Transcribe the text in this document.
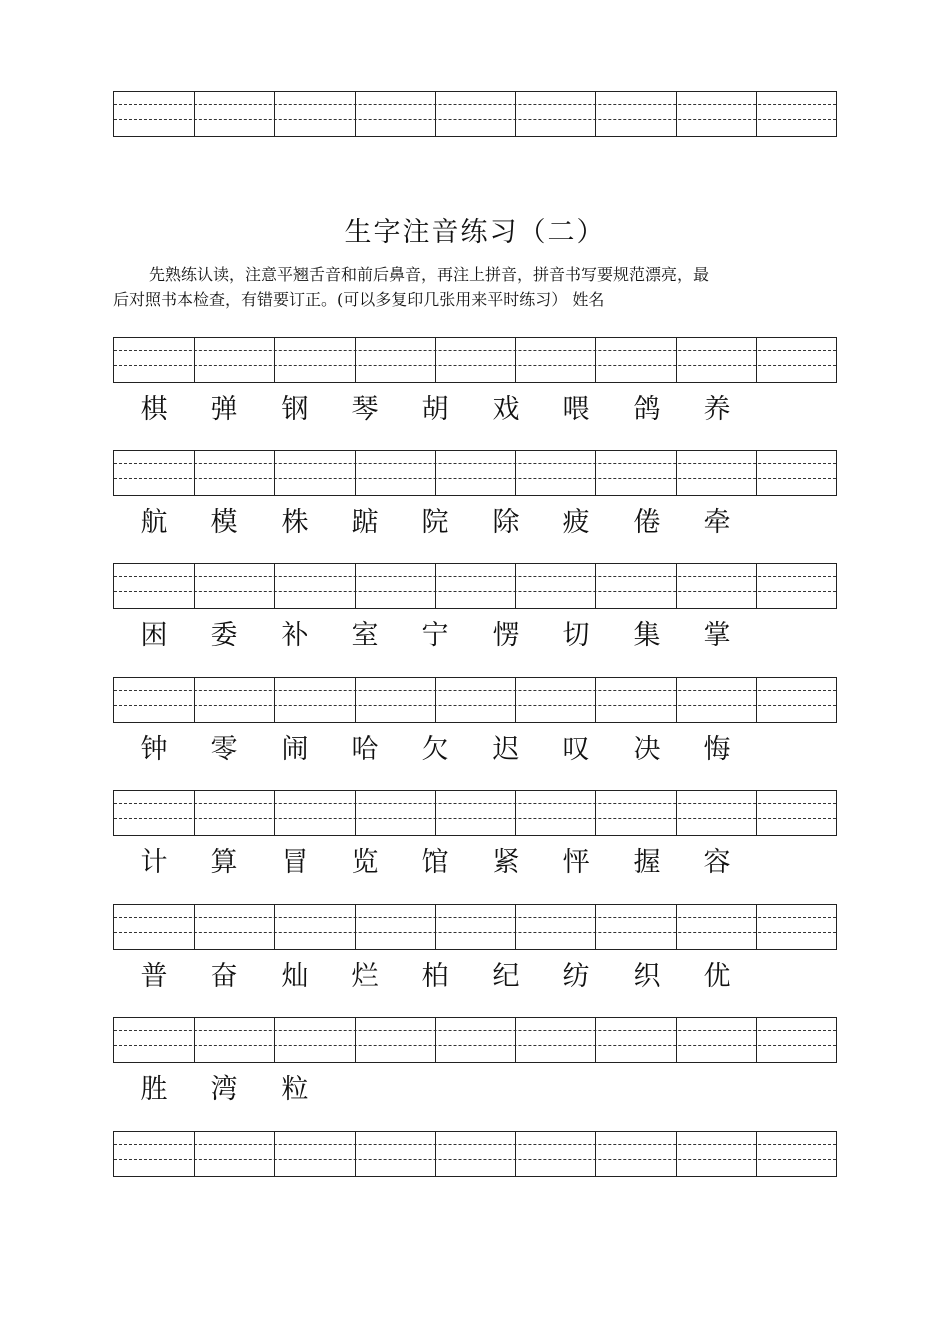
生字注音练习（二）

先熟练认读，注意平翘舌音和前后鼻音，再注上拼音，拼音书写要规范漂亮，最

后对照书本检查，有错要订正。(可以多复印几张用来平时练习） 姓名

棋	弹	钢	琴	胡	戏	喂	鸽	养
航	模	株	踮	院	除	疲	倦	牵
困	委	补	室	宁	愣	切	集	掌
钟	零	闹	哈	欠	迟	叹	决	悔
计	算	冒	览	馆	紧	怦	握	容
普	奋	灿	烂	柏	纪	纺	织	优
胜	湾	粒
